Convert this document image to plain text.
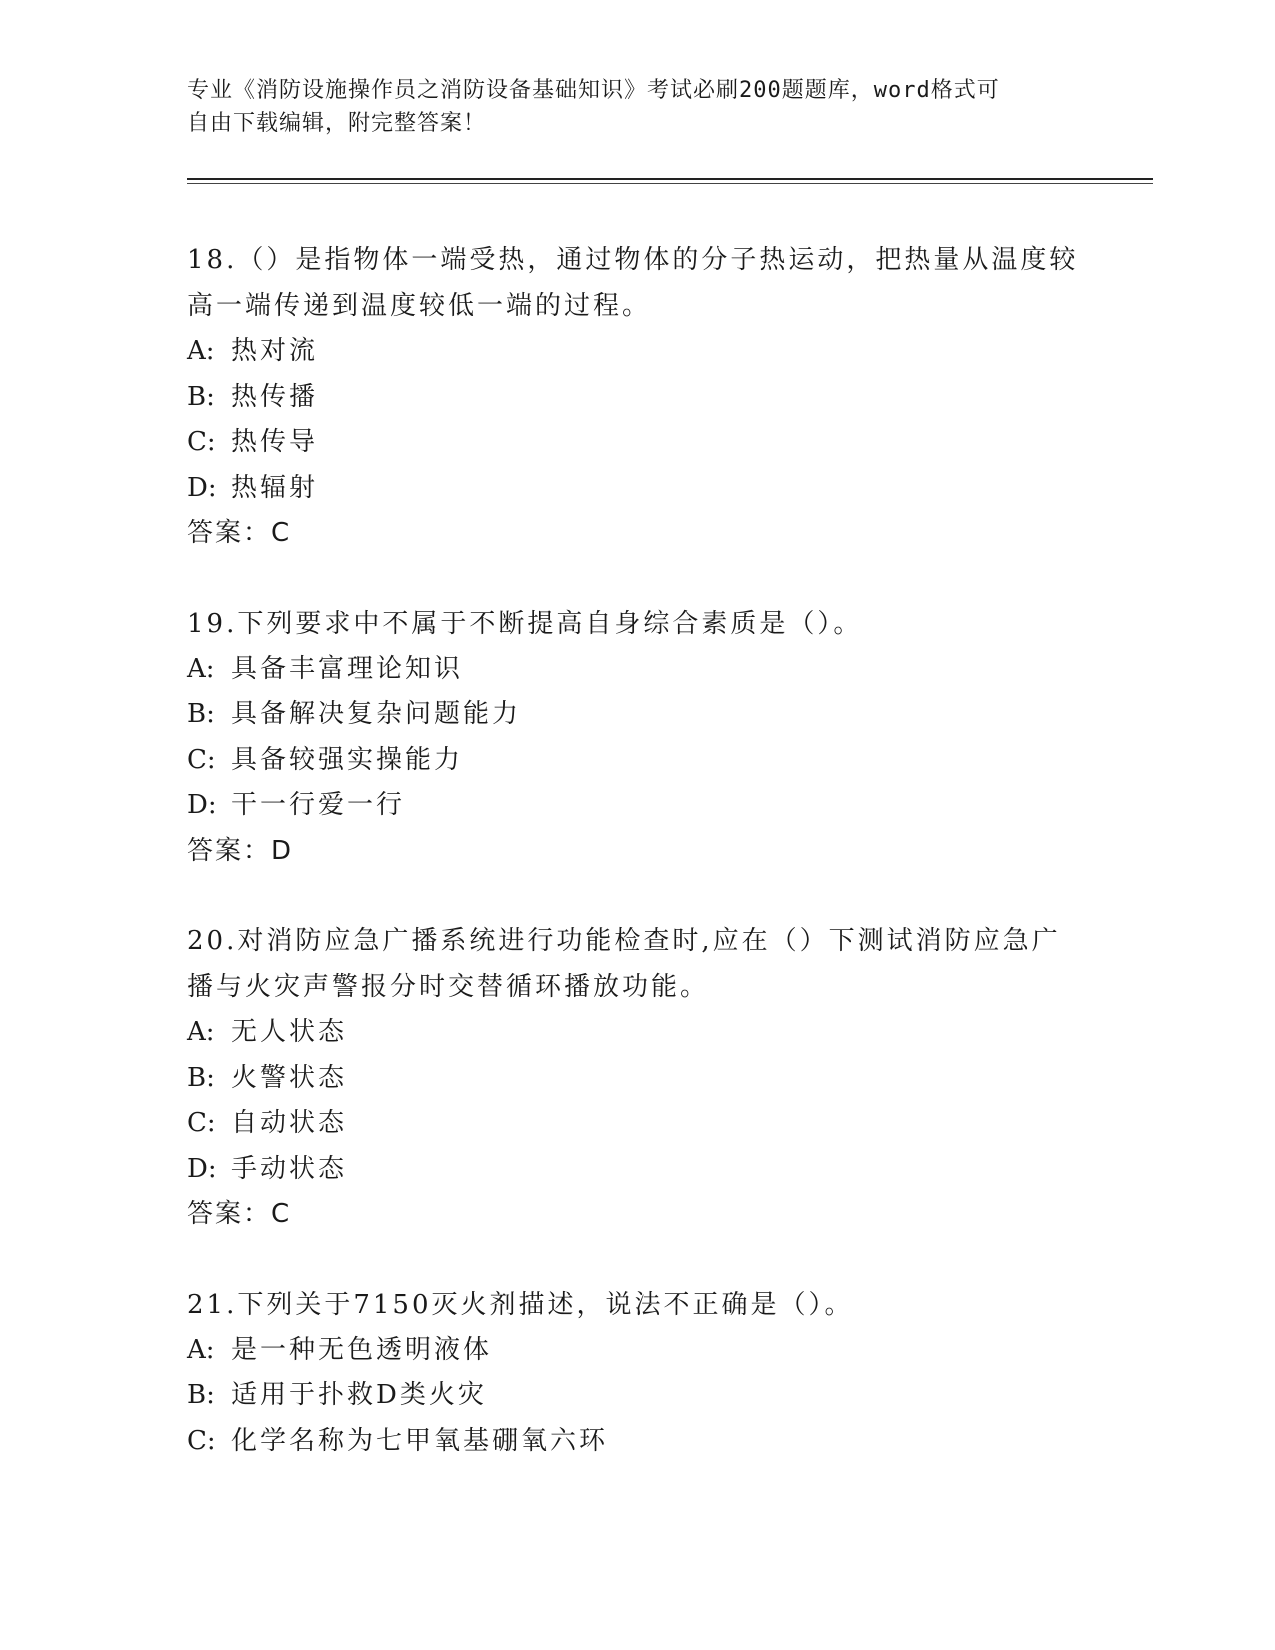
专业《消防设施操作员之消防设备基础知识》考试必刷200题题库，word格式可
自由下载编辑，附完整答案！

18.（）是指物体一端受热，通过物体的分子热运动，把热量从温度较

高一端传递到温度较低一端的过程。

A: 热对流

B: 热传播

C: 热传导

D: 热辐射

答案：C

19.下列要求中不属于不断提高自身综合素质是（）。

A: 具备丰富理论知识

B: 具备解决复杂问题能力

C: 具备较强实操能力

D: 干一行爱一行

答案：D

20.对消防应急广播系统进行功能检查时,应在（）下测试消防应急广

播与火灾声警报分时交替循环播放功能。

A: 无人状态

B: 火警状态

C: 自动状态

D: 手动状态

答案：C

21.下列关于7150灭火剂描述，说法不正确是（）。

A: 是一种无色透明液体

B: 适用于扑救D类火灾

C: 化学名称为七甲氧基硼氧六环
